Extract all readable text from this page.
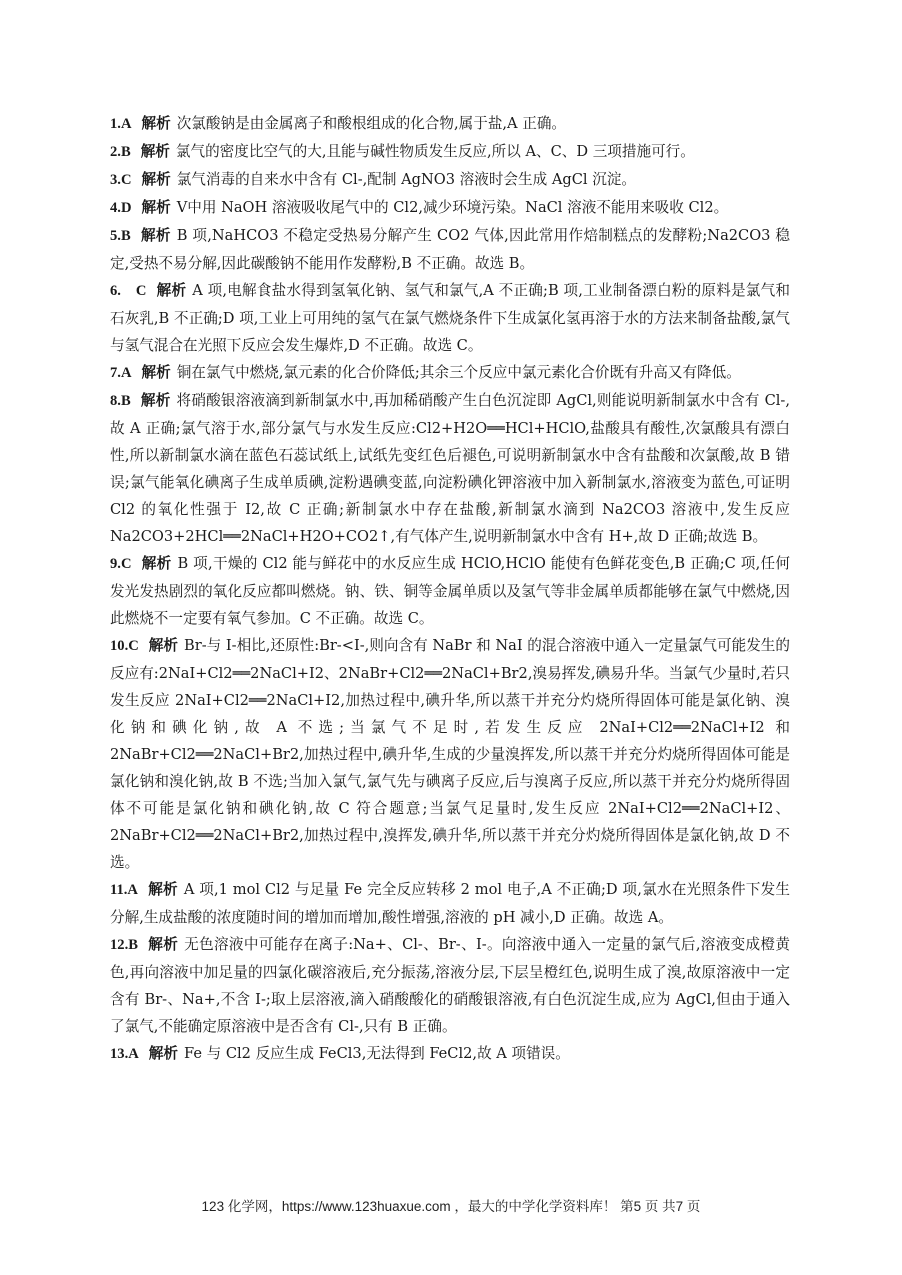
1.A 解析 次氯酸钠是由金属离子和酸根组成的化合物,属于盐,A 正确。

2.B 解析 氯气的密度比空气的大,且能与碱性物质发生反应,所以 A、C、D 三项措施可行。

3.C 解析 氯气消毒的自来水中含有 Cl-,配制 AgNO3 溶液时会生成 AgCl 沉淀。

4.D 解析 Ⅴ中用 NaOH 溶液吸收尾气中的 Cl2,减少环境污染。NaCl 溶液不能用来吸收 Cl2。

5.B 解析 B 项,NaHCO3 不稳定受热易分解产生 CO2 气体,因此常用作焙制糕点的发酵粉;Na2CO3 稳定,受热不易分解,因此碳酸钠不能用作发酵粉,B 不正确。故选 B。

6.　C 解析 A 项,电解食盐水得到氢氧化钠、氢气和氯气,A 不正确;B 项,工业制备漂白粉的原料是氯气和石灰乳,B 不正确;D 项,工业上可用纯的氢气在氯气燃烧条件下生成氯化氢再溶于水的方法来制备盐酸,氯气与氢气混合在光照下反应会发生爆炸,D 不正确。故选 C。

7.A 解析 铜在氯气中燃烧,氯元素的化合价降低;其余三个反应中氯元素化合价既有升高又有降低。

8.B 解析 将硝酸银溶液滴到新制氯水中,再加稀硝酸产生白色沉淀即 AgCl,则能说明新制氯水中含有 Cl-,故 A 正确;氯气溶于水,部分氯气与水发生反应:Cl2+H2O══HCl+HClO,盐酸具有酸性,次氯酸具有漂白性,所以新制氯水滴在蓝色石蕊试纸上,试纸先变红色后褪色,可说明新制氯水中含有盐酸和次氯酸,故 B 错误;氯气能氧化碘离子生成单质碘,淀粉遇碘变蓝,向淀粉碘化钾溶液中加入新制氯水,溶液变为蓝色,可证明 Cl2 的氧化性强于 I2,故 C 正确;新制氯水中存在盐酸,新制氯水滴到 Na2CO3 溶液中,发生反应 Na2CO3+2HCl══2NaCl+H2O+CO2↑,有气体产生,说明新制氯水中含有 H+,故 D 正确;故选 B。

9.C 解析 B 项,干燥的 Cl2 能与鲜花中的水反应生成 HClO,HClO 能使有色鲜花变色,B 正确;C 项,任何发光发热剧烈的氧化反应都叫燃烧。钠、铁、铜等金属单质以及氢气等非金属单质都能够在氯气中燃烧,因此燃烧不一定要有氧气参加。C 不正确。故选 C。

10.C 解析 Br-与 I-相比,还原性:Br-<I-,则向含有 NaBr 和 NaI 的混合溶液中通入一定量氯气可能发生的反应有:2NaI+Cl2══2NaCl+I2、2NaBr+Cl2══2NaCl+Br2,溴易挥发,碘易升华。当氯气少量时,若只发生反应 2NaI+Cl2══2NaCl+I2,加热过程中,碘升华,所以蒸干并充分灼烧所得固体可能是氯化钠、溴化钠和碘化钠,故 A 不选;当氯气不足时,若发生反应 2NaI+Cl2══2NaCl+I2 和 2NaBr+Cl2══2NaCl+Br2,加热过程中,碘升华,生成的少量溴挥发,所以蒸干并充分灼烧所得固体可能是氯化钠和溴化钠,故 B 不选;当加入氯气,氯气先与碘离子反应,后与溴离子反应,所以蒸干并充分灼烧所得固体不可能是氯化钠和碘化钠,故 C 符合题意;当氯气足量时,发生反应 2NaI+Cl2══2NaCl+I2、2NaBr+Cl2══2NaCl+Br2,加热过程中,溴挥发,碘升华,所以蒸干并充分灼烧所得固体是氯化钠,故 D 不选。

11.A 解析 A 项,1 mol Cl2 与足量 Fe 完全反应转移 2 mol 电子,A 不正确;D 项,氯水在光照条件下发生分解,生成盐酸的浓度随时间的增加而增加,酸性增强,溶液的 pH 减小,D 正确。故选 A。

12.B 解析 无色溶液中可能存在离子:Na+、Cl-、Br-、I-。向溶液中通入一定量的氯气后,溶液变成橙黄色,再向溶液中加足量的四氯化碳溶液后,充分振荡,溶液分层,下层呈橙红色,说明生成了溴,故原溶液中一定含有 Br-、Na+,不含 I-;取上层溶液,滴入硝酸酸化的硝酸银溶液,有白色沉淀生成,应为 AgCl,但由于通入了氯气,不能确定原溶液中是否含有 Cl-,只有 B 正确。

13.A 解析 Fe 与 Cl2 反应生成 FeCl3,无法得到 FeCl2,故 A 项错误。

123 化学网，https://www.123huaxue.com ，最大的中学化学资料库！ 第5 页 共7 页
